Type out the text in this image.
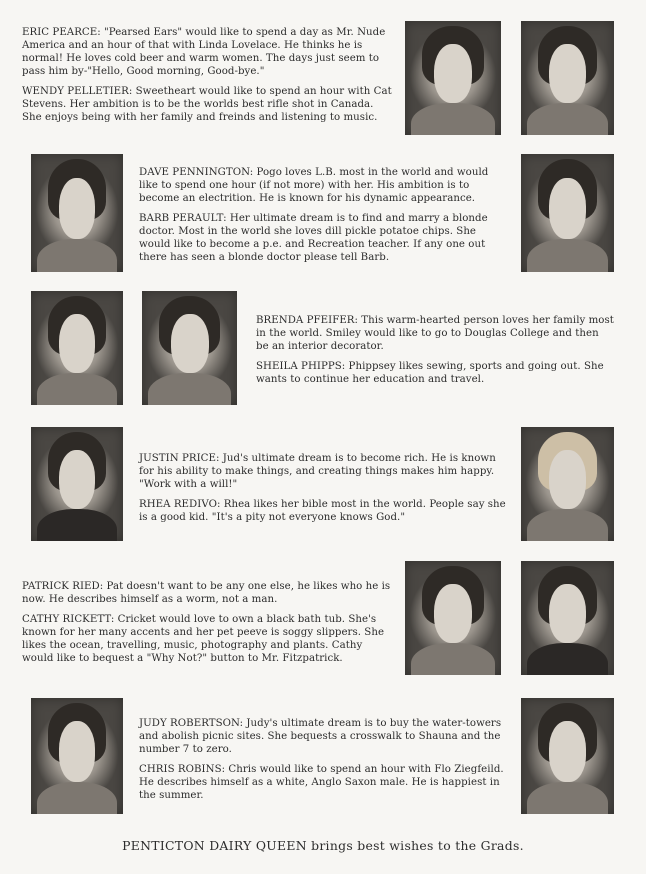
ERIC PEARCE: "Pearsed Ears" would like to spend a day as Mr. Nude America and an hour of that with Linda Lovelace. He thinks he is normal! He loves cold beer and warm women. The days just seem to pass him by-"Hello, Good morning, Good-bye."

WENDY PELLETIER: Sweetheart would like to spend an hour with Cat Stevens. Her ambition is to be the worlds best rifle shot in Canada. She enjoys being with her family and freinds and listening to music.

DAVE PENNINGTON: Pogo loves L.B. most in the world and would like to spend one hour (if not more) with her. His ambition is to become an electrition. He is known for his dynamic appearance.

BARB PERAULT: Her ultimate dream is to find and marry a blonde doctor. Most in the world she loves dill pickle potatoe chips. She would like to become a p.e. and Recreation teacher. If any one out there has seen a blonde doctor please tell Barb.

BRENDA PFEIFER: This warm-hearted person loves her family most in the world. Smiley would like to go to Douglas College and then be an interior decorator.

SHEILA PHIPPS: Phippsey likes sewing, sports and going out. She wants to continue her education and travel.

JUSTIN PRICE: Jud's ultimate dream is to become rich. He is known for his ability to make things, and creating things makes him happy. "Work with a will!"

RHEA REDIVO: Rhea likes her bible most in the world. People say she is a good kid. "It's a pity not everyone knows God."

PATRICK RIED: Pat doesn't want to be any one else, he likes who he is now. He describes himself as a worm, not a man.

CATHY RICKETT: Cricket would love to own a black bath tub. She's known for her many accents and her pet peeve is soggy slippers. She likes the ocean, travelling, music, photography and plants. Cathy would like to bequest a "Why Not?" button to Mr. Fitzpatrick.

JUDY ROBERTSON: Judy's ultimate dream is to buy the water-towers and abolish picnic sites. She bequests a crosswalk to Shauna and the number 7 to zero.

CHRIS ROBINS: Chris would like to spend an hour with Flo Ziegfeild. He describes himself as a white, Anglo Saxon male. He is happiest in the summer.

PENTICTON DAIRY QUEEN brings best wishes to the Grads.
